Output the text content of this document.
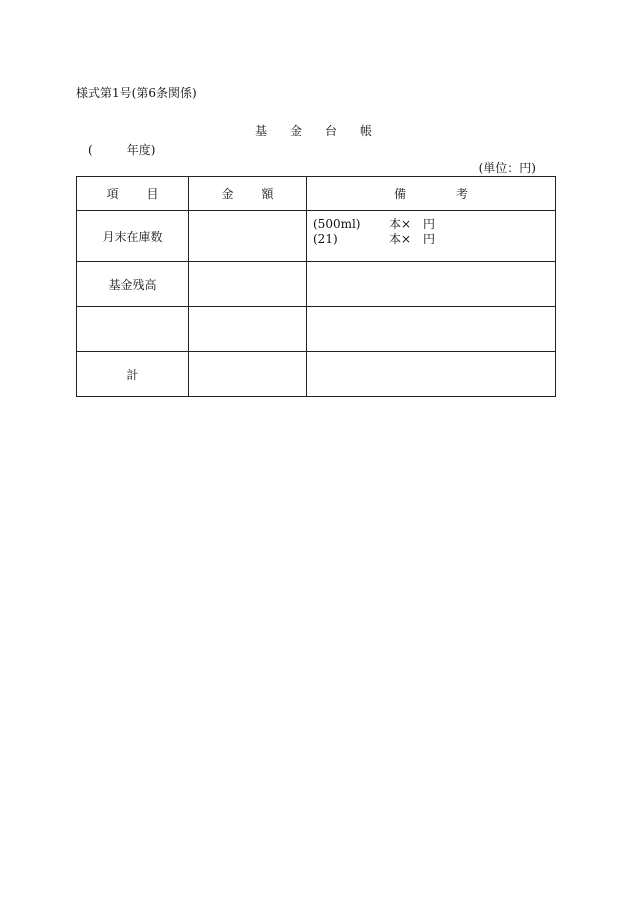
様式第1号(第6条関係)
基 金 台 帳
(	年度)
(単位：円)
項 目	金 額	備 考
月末在庫数		(500ml) 本×　円
(21) 本×　円

基金残高		

計		
